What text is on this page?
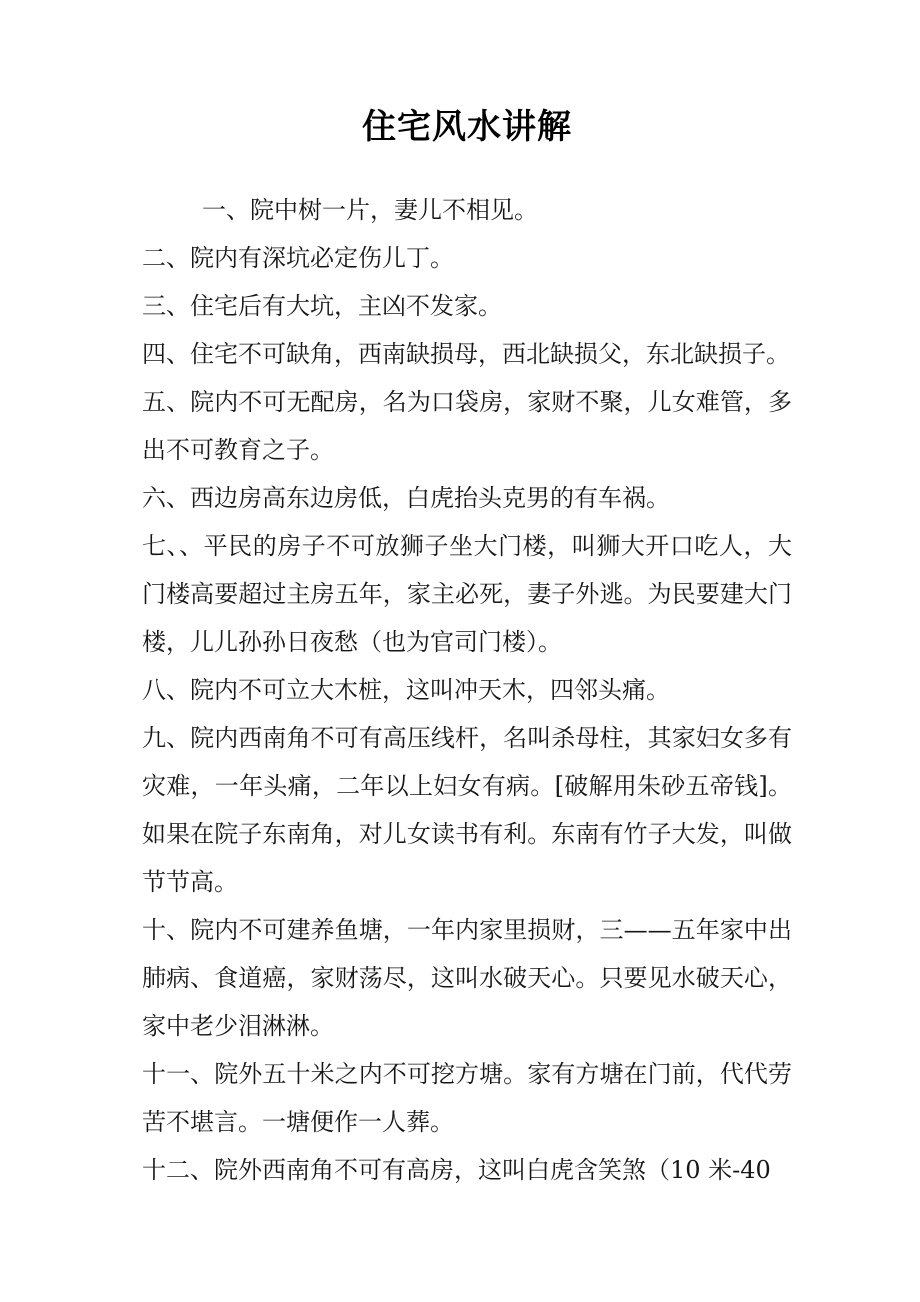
住宅风水讲解

一、院中树一片，妻儿不相见。

二、院内有深坑必定伤儿丁。

三、住宅后有大坑，主凶不发家。

四、住宅不可缺角，西南缺损母，西北缺损父，东北缺损子。

五、院内不可无配房，名为口袋房，家财不聚，儿女难管，多出不可教育之子。

六、西边房高东边房低，白虎抬头克男的有车祸。

七、、平民的房子不可放狮子坐大门楼，叫狮大开口吃人，大门楼高要超过主房五年，家主必死，妻子外逃。为民要建大门楼，儿儿孙孙日夜愁（也为官司门楼）。

八、院内不可立大木桩，这叫冲天木，四邻头痛。

九、院内西南角不可有高压线杆，名叫杀母柱，其家妇女多有灾难，一年头痛，二年以上妇女有病。[破解用朱砂五帝钱]。如果在院子东南角，对儿女读书有利。东南有竹子大发，叫做节节高。

十、院内不可建养鱼塘，一年内家里损财，三——五年家中出肺病、食道癌，家财荡尽，这叫水破天心。只要见水破天心，家中老少泪淋淋。

十一、院外五十米之内不可挖方塘。家有方塘在门前，代代劳苦不堪言。一塘便作一人葬。

十二、院外西南角不可有高房，这叫白虎含笑煞（10 米-40
